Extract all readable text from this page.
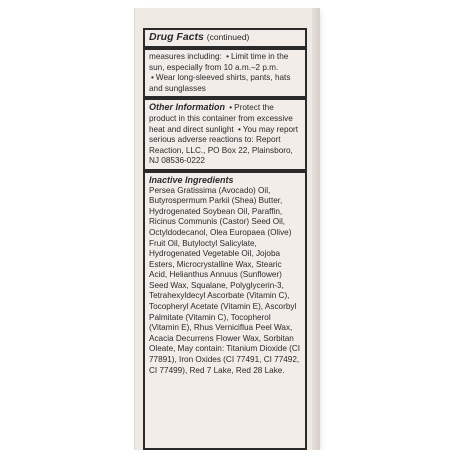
Drug Facts (continued)
measures including: • Limit time in the sun, especially from 10 a.m.–2 p.m. • Wear long-sleeved shirts, pants, hats and sunglasses
Other Information • Protect the product in this container from excessive heat and direct sunlight • You may report serious adverse reactions to: Report Reaction, LLC., PO Box 22, Plainsboro, NJ 08536-0222
Inactive Ingredients
Persea Gratissima (Avocado) Oil, Butyrospermum Parkii (Shea) Butter, Hydrogenated Soybean Oil, Paraffin, Ricinus Communis (Castor) Seed Oil, Octyldodecanol, Olea Europaea (Olive) Fruit Oil, Butyloctyl Salicylate, Hydrogenated Vegetable Oil, Jojoba Esters, Microcrystalline Wax, Stearic Acid, Helianthus Annuus (Sunflower) Seed Wax, Squalane, Polyglycerin-3, Tetrahexyldecyl Ascorbate (Vitamin C), Tocopheryl Acetate (Vitamin E), Ascorbyl Palmitate (Vitamin C), Tocopherol (Vitamin E), Rhus Verniciflua Peel Wax, Acacia Decurrens Flower Wax, Sorbitan Oleate, May contain: Titanium Dioxide (CI 77891), Iron Oxides (CI 77491, CI 77492, CI 77499), Red 7 Lake, Red 28 Lake.
